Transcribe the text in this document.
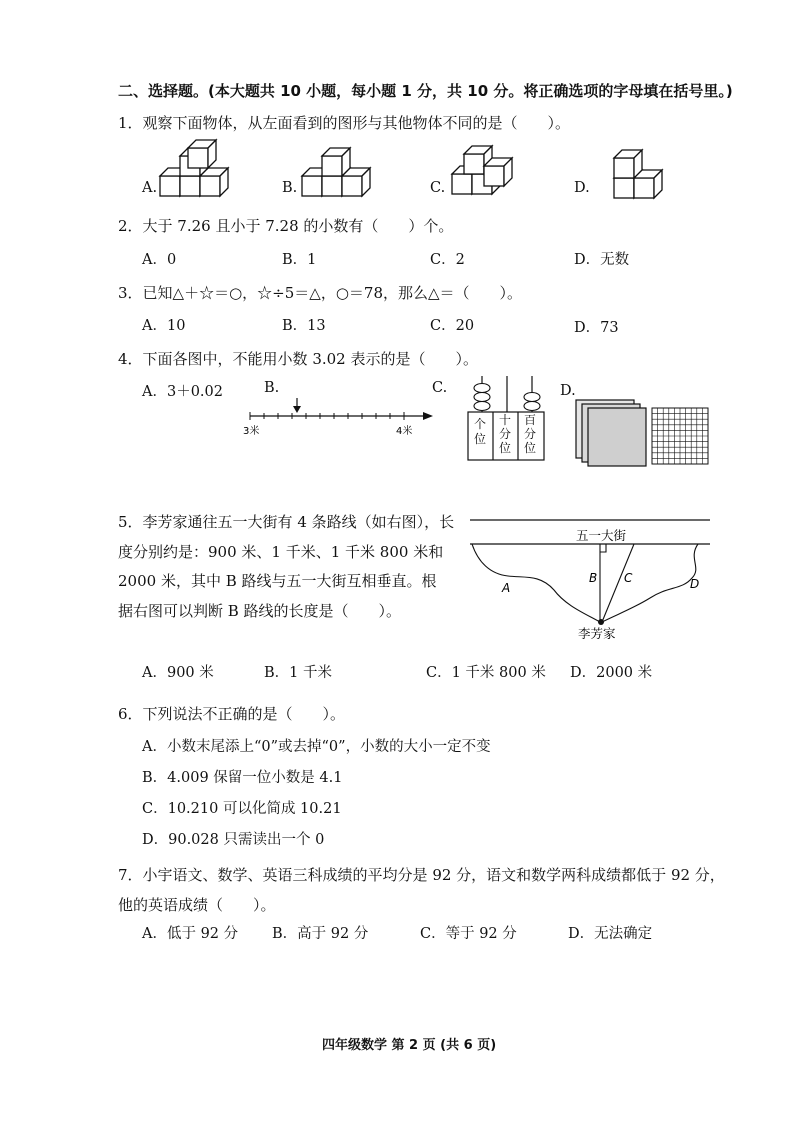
二、选择题。(本大题共 10 小题，每小题 1 分，共 10 分。将正确选项的字母填在括号里。)
1．观察下面物体，从左面看到的图形与其他物体不同的是（　　）。
A.	B.	C.	D.
2．大于 7.26 且小于 7.28 的小数有（　　）个。
A．0	B．1	C．2	D．无数
3．已知△＋☆＝○，☆÷5＝△，○＝78，那么△＝（　　）。
A．10	B．13	C．20	D．73
4．下面各图中，不能用小数 3.02 表示的是（　　）。
A．3＋0.02	B.	C.	D.
3米	4米
个
位
十
分
位
百
分
位
5．李芳家通往五一大街有 4 条路线（如右图），长
度分别约是：900 米、1 千米、1 千米 800 米和
2000 米，其中 B 路线与五一大街互相垂直。根
据右图可以判断 B 路线的长度是（　　）。
五一大街
A
B C	D
李芳家
A．900 米	B．1 千米	C．1 千米 800 米 D．2000 米
6．下列说法不正确的是（　　）。
A．小数末尾添上“0”或去掉“0”，小数的大小一定不变
B．4.009 保留一位小数是 4.1
C．10.210 可以化简成 10.21
D．90.028 只需读出一个 0
7．小宇语文、数学、英语三科成绩的平均分是 92 分，语文和数学两科成绩都低于 92 分，
他的英语成绩（　　）。
A．低于 92 分 B．高于 92 分	C．等于 92 分	D．无法确定
四年级数学 第 2 页 (共 6 页)
